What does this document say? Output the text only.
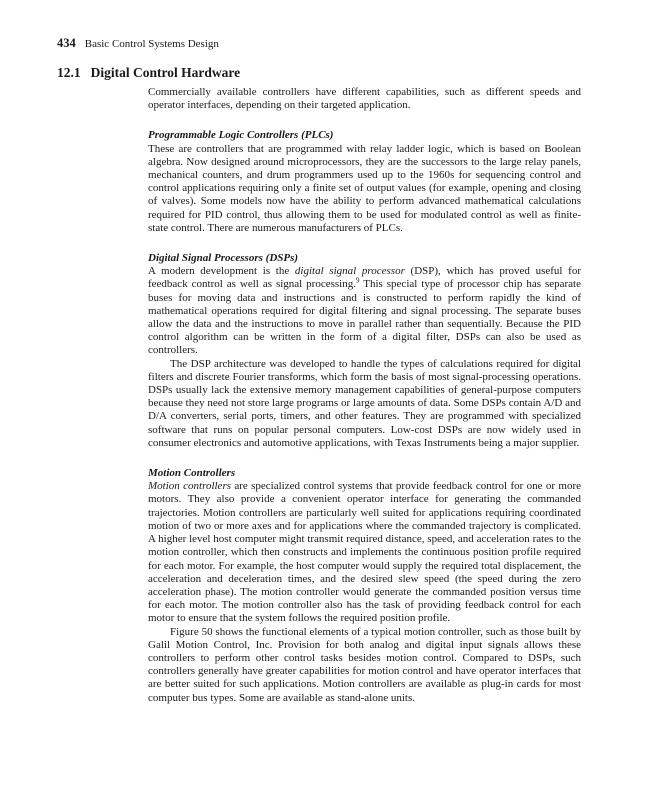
434 Basic Control Systems Design
12.1 Digital Control Hardware

Commercially available controllers have different capabilities, such as different speeds and operator interfaces, depending on their targeted application.

Programmable Logic Controllers (PLCs)

These are controllers that are programmed with relay ladder logic, which is based on Boolean algebra. Now designed around microprocessors, they are the successors to the large relay panels, mechanical counters, and drum programmers used up to the 1960s for sequencing control and control applications requiring only a finite set of output values (for example, opening and closing of valves). Some models now have the ability to perform advanced mathematical calculations required for PID control, thus allowing them to be used for modulated control as well as finite-state control. There are numerous manufacturers of PLCs.

Digital Signal Processors (DSPs)

A modern development is the digital signal processor (DSP), which has proved useful for feedback control as well as signal processing.$^9$ This special type of processor chip has separate buses for moving data and instructions and is constructed to perform rapidly the kind of mathematical operations required for digital filtering and signal processing. The separate buses allow the data and the instructions to move in parallel rather than sequentially. Because the PID control algorithm can be written in the form of a digital filter, DSPs can also be used as controllers.

The DSP architecture was developed to handle the types of calculations required for digital filters and discrete Fourier transforms, which form the basis of most signal-processing operations. DSPs usually lack the extensive memory management capabilities of general-purpose computers because they need not store large programs or large amounts of data. Some DSPs contain A/D and D/A converters, serial ports, timers, and other features. They are programmed with specialized software that runs on popular personal computers. Low-cost DSPs are now widely used in consumer electronics and automotive applications, with Texas Instruments being a major supplier.

Motion Controllers

Motion controllers are specialized control systems that provide feedback control for one or more motors. They also provide a convenient operator interface for generating the commanded trajectories. Motion controllers are particularly well suited for applications requiring coordinated motion of two or more axes and for applications where the commanded trajectory is complicated. A higher level host computer might transmit required distance, speed, and acceleration rates to the motion controller, which then constructs and implements the continuous position profile required for each motor. For example, the host computer would supply the required total displacement, the acceleration and deceleration times, and the desired slew speed (the speed during the zero acceleration phase). The motion controller would generate the commanded position versus time for each motor. The motion controller also has the task of providing feedback control for each motor to ensure that the system follows the required position profile.

Figure 50 shows the functional elements of a typical motion controller, such as those built by Galil Motion Control, Inc. Provision for both analog and digital input signals allows these controllers to perform other control tasks besides motion control. Compared to DSPs, such controllers generally have greater capabilities for motion control and have operator interfaces that are better suited for such applications. Motion controllers are available as plug-in cards for most computer bus types. Some are available as stand-alone units.
